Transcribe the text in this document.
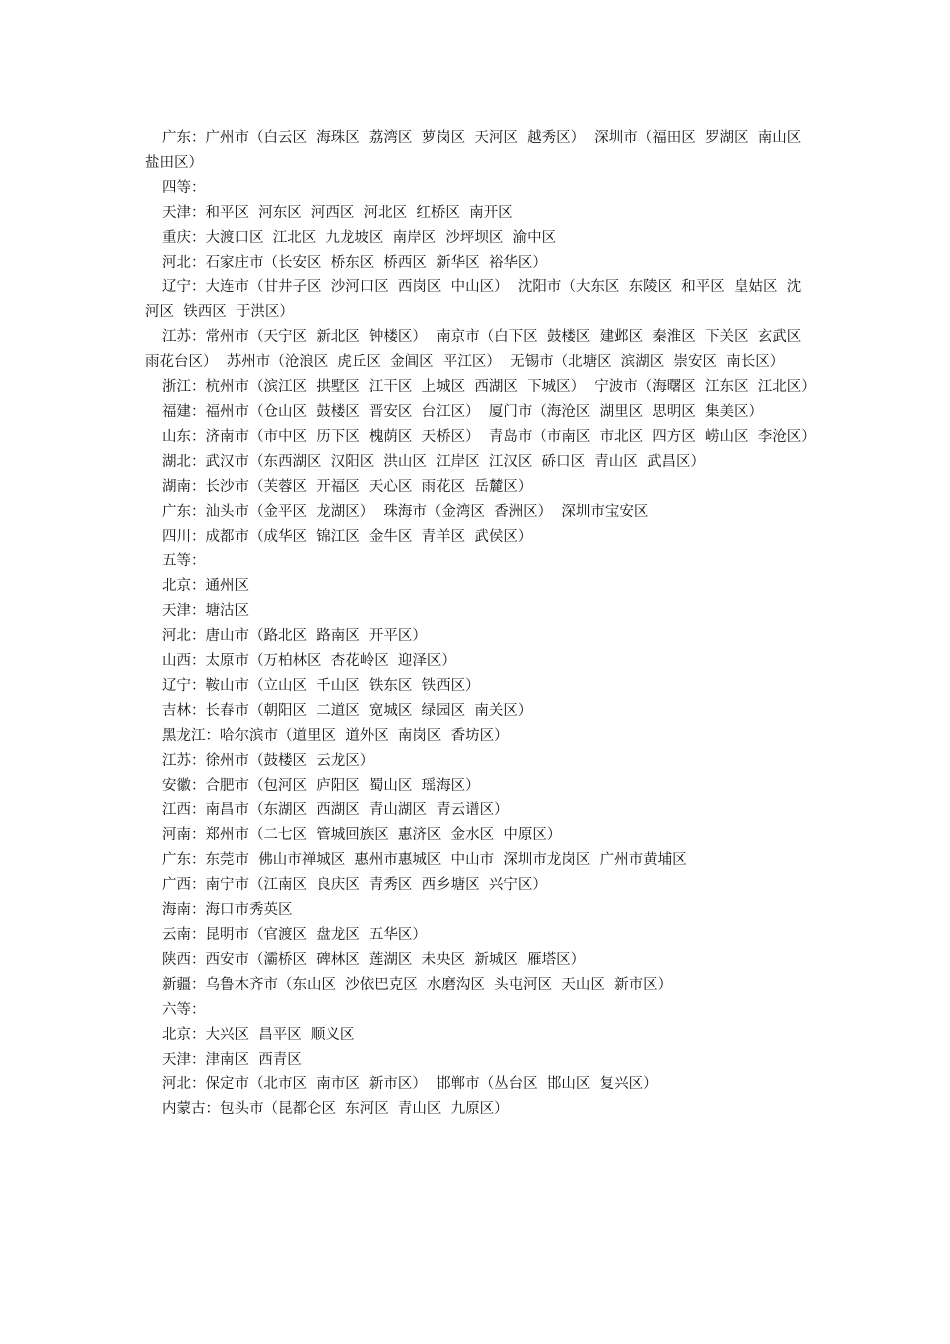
广东：广州市（白云区  海珠区  荔湾区  萝岗区  天河区  越秀区）  深圳市（福田区  罗湖区  南山区  盐田区）

四等：

天津：和平区  河东区  河西区  河北区  红桥区  南开区

重庆：大渡口区  江北区  九龙坡区  南岸区  沙坪坝区  渝中区

河北：石家庄市（长安区  桥东区  桥西区  新华区  裕华区）

辽宁：大连市（甘井子区  沙河口区  西岗区  中山区）  沈阳市（大东区  东陵区  和平区  皇姑区  沈河区  铁西区  于洪区）

江苏：常州市（天宁区  新北区  钟楼区）  南京市（白下区  鼓楼区  建邺区  秦淮区  下关区  玄武区  雨花台区）  苏州市（沧浪区  虎丘区  金阊区  平江区）  无锡市（北塘区  滨湖区  崇安区  南长区）

浙江：杭州市（滨江区  拱墅区  江干区  上城区  西湖区  下城区）  宁波市（海曙区  江东区  江北区）

福建：福州市（仓山区  鼓楼区  晋安区  台江区）  厦门市（海沧区  湖里区  思明区  集美区）

山东：济南市（市中区  历下区  槐荫区  天桥区）  青岛市（市南区  市北区  四方区  崂山区  李沧区）

湖北：武汉市（东西湖区  汉阳区  洪山区  江岸区  江汉区  硚口区  青山区  武昌区）

湖南：长沙市（芙蓉区  开福区  天心区  雨花区  岳麓区）

广东：汕头市（金平区  龙湖区）  珠海市（金湾区  香洲区）  深圳市宝安区

四川：成都市（成华区  锦江区  金牛区  青羊区  武侯区）

五等：

北京：通州区

天津：塘沽区

河北：唐山市（路北区  路南区  开平区）

山西：太原市（万柏林区  杏花岭区  迎泽区）

辽宁：鞍山市（立山区  千山区  铁东区  铁西区）

吉林：长春市（朝阳区  二道区  宽城区  绿园区  南关区）

黑龙江：哈尔滨市（道里区  道外区  南岗区  香坊区）

江苏：徐州市（鼓楼区  云龙区）

安徽：合肥市（包河区  庐阳区  蜀山区  瑶海区）

江西：南昌市（东湖区  西湖区  青山湖区  青云谱区）

河南：郑州市（二七区  管城回族区  惠济区  金水区  中原区）

广东：东莞市  佛山市禅城区  惠州市惠城区  中山市  深圳市龙岗区  广州市黄埔区

广西：南宁市（江南区  良庆区  青秀区  西乡塘区  兴宁区）

海南：海口市秀英区

云南：昆明市（官渡区  盘龙区  五华区）

陕西：西安市（灞桥区  碑林区  莲湖区  未央区  新城区  雁塔区）

新疆：乌鲁木齐市（东山区  沙依巴克区  水磨沟区  头屯河区  天山区  新市区）

六等：

北京：大兴区  昌平区  顺义区

天津：津南区  西青区

河北：保定市（北市区  南市区  新市区）  邯郸市（丛台区  邯山区  复兴区）

内蒙古：包头市（昆都仑区  东河区  青山区  九原区）
